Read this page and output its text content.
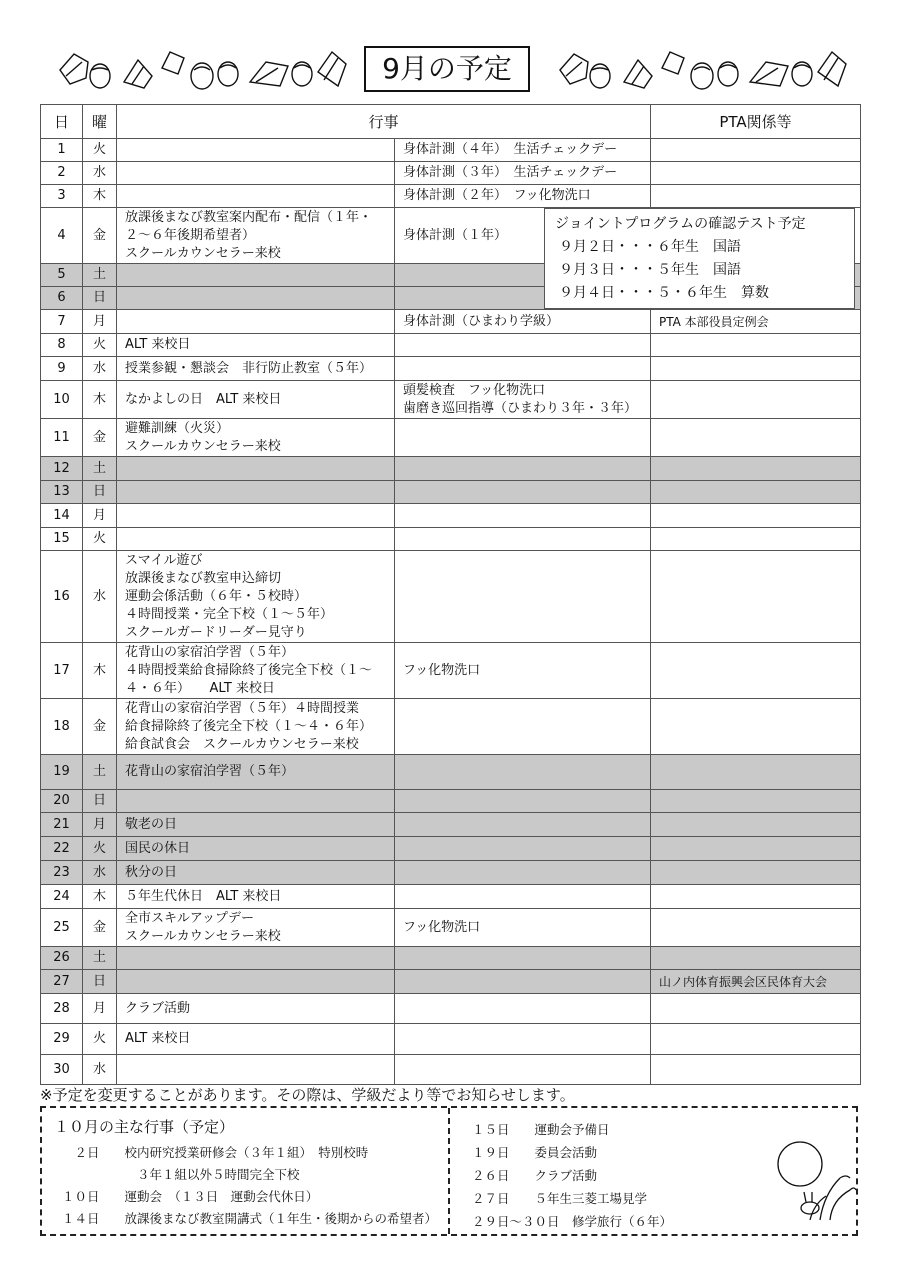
9月の予定
日	曜	行事		PTA関係等
1	火		身体計測（４年）　生活チェックデー	
2	水		身体計測（３年）　生活チェックデー	
3	木		身体計測（２年）　フッ化物洗口	
4	金	放課後まなび教室案内配布・配信（１年・
２～６年後期希望者）
スクールカウンセラー来校	身体計測（１年）	
5	土			
6	日			
7	月		身体計測（ひまわり学級）	PTA 本部役員定例会
8	火	ALT 来校日		
9	水	授業参観・懇談会　非行防止教室（５年）		
10	木	なかよしの日　ALT 来校日	頭髪検査　フッ化物洗口
歯磨き巡回指導（ひまわり３年・３年）	
11	金	避難訓練（火災）
スクールカウンセラー来校		
12	土			
13	日			
14	月			
15	火			
16	水	スマイル遊び
放課後まなび教室申込締切
運動会係活動（６年・５校時）
４時間授業・完全下校（１～５年）
スクールガードリーダー見守り		
17	木	花背山の家宿泊学習（５年）
４時間授業給食掃除終了後完全下校（１～
４・６年）　　ALT 来校日	フッ化物洗口	
18	金	花背山の家宿泊学習（５年）４時間授業
給食掃除終了後完全下校（１～４・６年）
給食試食会　スクールカウンセラー来校		
19	土	花背山の家宿泊学習（５年）		
20	日			
21	月	敬老の日		
22	火	国民の休日		
23	水	秋分の日		
24	木	５年生代休日　ALT 来校日		
25	金	全市スキルアップデー
スクールカウンセラー来校	フッ化物洗口	
26	土			
27	日			山ノ内体育振興会区民体育大会
28	月	クラブ活動		
29	火	ALT 来校日		
30	水			
ジョイントプログラムの確認テスト予定
９月２日・・・６年生　国語
９月３日・・・５年生　国語
９月４日・・・５・６年生　算数
※予定を変更することがあります。その際は、学級だより等でお知らせします。
１０月の主な行事（予定）
　２日　　校内研究授業研修会（３年１組）　特別校時
　　　　　　３年１組以外５時間完全下校
１０日　　運動会　（１３日　運動会代休日）
１４日　　放課後まなび教室開講式（１年生・後期からの希望者）
１５日　　運動会予備日
１９日　　委員会活動
２６日　　クラブ活動
２７日　　５年生三菱工場見学
２９日～３０日　修学旅行（６年）
